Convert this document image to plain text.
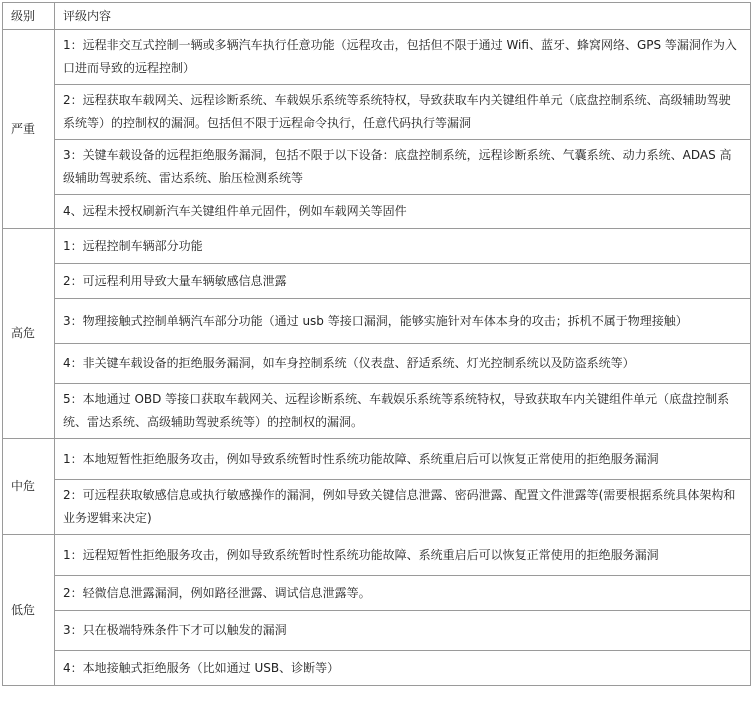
级别	评级内容
严重	1：远程非交互式控制一辆或多辆汽车执行任意功能（远程攻击，包括但不限于通过 Wifi、蓝牙、蜂窝网络、GPS 等漏洞作为入口进而导致的远程控制）
	2：远程获取车载网关、远程诊断系统、车载娱乐系统等系统特权，导致获取车内关键组件单元（底盘控制系统、高级辅助驾驶系统等）的控制权的漏洞。包括但不限于远程命令执行，任意代码执行等漏洞
	3：关键车载设备的远程拒绝服务漏洞，包括不限于以下设备：底盘控制系统，远程诊断系统、气囊系统、动力系统、ADAS 高级辅助驾驶系统、雷达系统、胎压检测系统等
	4、远程未授权刷新汽车关键组件单元固件，例如车载网关等固件
高危	1：远程控制车辆部分功能
	2：可远程利用导致大量车辆敏感信息泄露
	3：物理接触式控制单辆汽车部分功能（通过 usb 等接口漏洞，能够实施针对车体本身的攻击；拆机不属于物理接触）
	4：非关键车载设备的拒绝服务漏洞，如车身控制系统（仪表盘、舒适系统、灯光控制系统以及防盗系统等）
	5：本地通过 OBD 等接口获取车载网关、远程诊断系统、车载娱乐系统等系统特权，导致获取车内关键组件单元（底盘控制系统、雷达系统、高级辅助驾驶系统等）的控制权的漏洞。
中危	1：本地短暂性拒绝服务攻击，例如导致系统暂时性系统功能故障、系统重启后可以恢复正常使用的拒绝服务漏洞
	2：可远程获取敏感信息或执行敏感操作的漏洞，例如导致关键信息泄露、密码泄露、配置文件泄露等(需要根据系统具体架构和业务逻辑来决定)
低危	1：远程短暂性拒绝服务攻击，例如导致系统暂时性系统功能故障、系统重启后可以恢复正常使用的拒绝服务漏洞
	2：轻微信息泄露漏洞，例如路径泄露、调试信息泄露等。
	3：只在极端特殊条件下才可以触发的漏洞
	4：本地接触式拒绝服务（比如通过 USB、诊断等）
